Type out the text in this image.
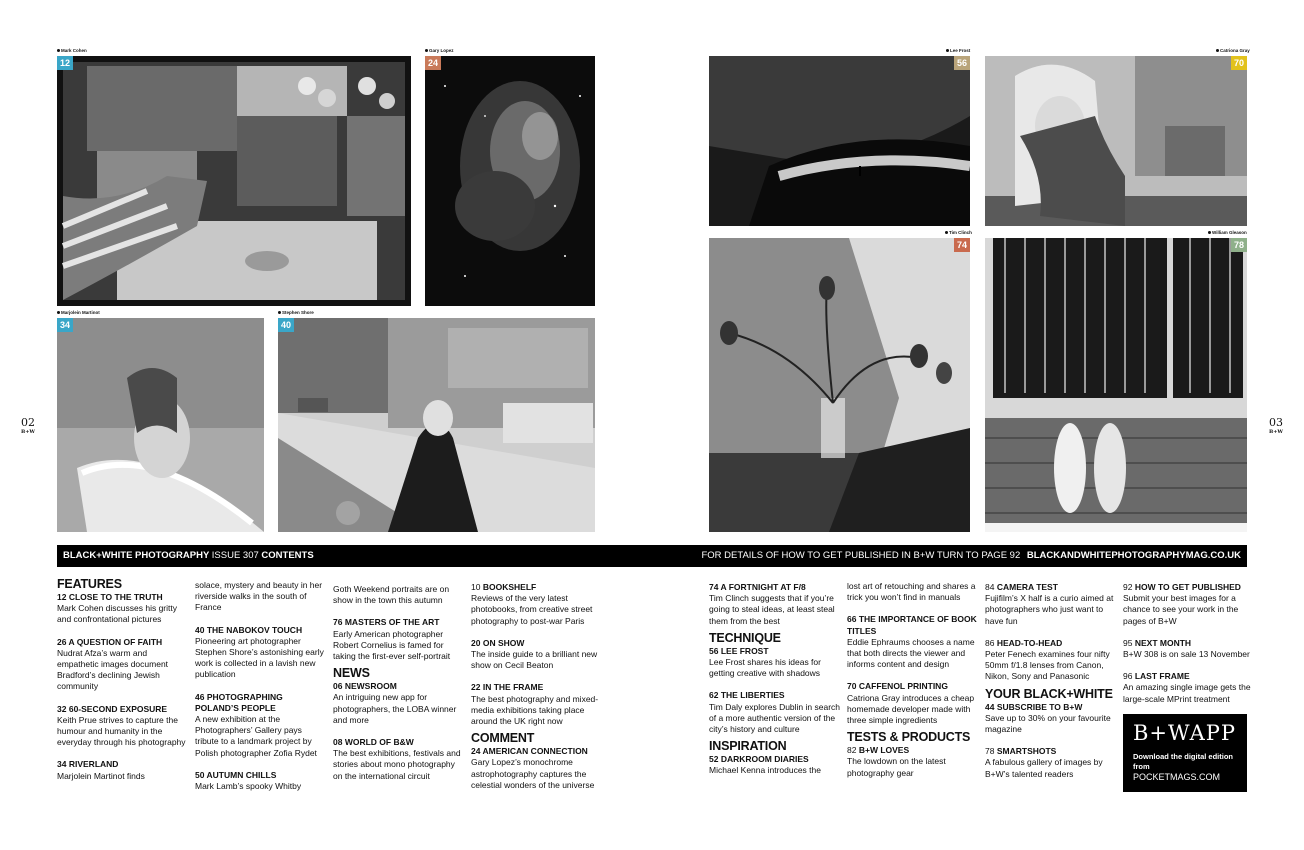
02
B+W
03
B+W
Mark Cohen
12
Gary Lopez
24
Marjolein Martinot
34
Stephen Shore
40
Lee Frost
56
Catriona Gray
70
Tim Clinch
74
William Gleason
78
BLACK+WHITE PHOTOGRAPHY ISSUE 307 CONTENTS	FOR DETAILS OF HOW TO GET PUBLISHED IN B+W TURN TO PAGE 92 BLACKANDWHITEPHOTOGRAPHYMAG.CO.UK
FEATURES
12 CLOSE TO THE TRUTH
Mark Cohen discusses his gritty and confrontational pictures
26 A QUESTION OF FAITH
Nudrat Afza’s warm and empathetic images document Bradford’s declining Jewish community
32 60-SECOND EXPOSURE
Keith Prue strives to capture the humour and humanity in the everyday through his photography
34 RIVERLAND
Marjolein Martinot finds
solace, mystery and beauty in her riverside walks in the south of France
40 THE NABOKOV TOUCH
Pioneering art photographer Stephen Shore’s astonishing early work is collected in a lavish new publication
46 PHOTOGRAPHING POLAND’S PEOPLE
A new exhibition at the Photographers’ Gallery pays tribute to a landmark project by Polish photographer Zofia Rydet
50 AUTUMN CHILLS
Mark Lamb’s spooky Whitby
Goth Weekend portraits are on show in the town this autumn
76 MASTERS OF THE ART
Early American photographer Robert Cornelius is famed for taking the first-ever self-portrait
NEWS
06 NEWSROOM
An intriguing new app for photographers, the LOBA winner and more
08 WORLD OF B&W
The best exhibitions, festivals and stories about mono photography on the international circuit
10 BOOKSHELF
Reviews of the very latest photobooks, from creative street photography to post-war Paris
20 ON SHOW
The inside guide to a brilliant new show on Cecil Beaton
22 IN THE FRAME
The best photography and mixed-media exhibitions taking place around the UK right now
COMMENT
24 AMERICAN CONNECTION
Gary Lopez’s monochrome astrophotography captures the celestial wonders of the universe
74 A FORTNIGHT AT F/8
Tim Clinch suggests that if you’re going to steal ideas, at least steal them from the best
TECHNIQUE
56 LEE FROST
Lee Frost shares his ideas for getting creative with shadows
62 THE LIBERTIES
Tim Daly explores Dublin in search of a more authentic version of the city’s history and culture
INSPIRATION
52 DARKROOM DIARIES
Michael Kenna introduces the
lost art of retouching and shares a trick you won’t find in manuals
66 THE IMPORTANCE OF BOOK TITLES
Eddie Ephraums chooses a name that both directs the viewer and informs content and design
70 CAFFENOL PRINTING
Catriona Gray introduces a cheap homemade developer made with three simple ingredients
TESTS & PRODUCTS
82 B+W LOVES
The lowdown on the latest photography gear
84 CAMERA TEST
Fujifilm’s X half is a curio aimed at photographers who just want to have fun
86 HEAD-TO-HEAD
Peter Fenech examines four nifty 50mm f/1.8 lenses from Canon, Nikon, Sony and Panasonic
YOUR BLACK+WHITE
44 SUBSCRIBE TO B+W
Save up to 30% on your favourite magazine
78 SMARTSHOTS
A fabulous gallery of images by B+W’s talented readers
92 HOW TO GET PUBLISHED
Submit your best images for a chance to see your work in the pages of B+W
95 NEXT MONTH
B+W 308 is on sale 13 November
96 LAST FRAME
An amazing single image gets the large-scale MPrint treatment
B+WAPP
Download the digital edition from
POCKETMAGS.COM
